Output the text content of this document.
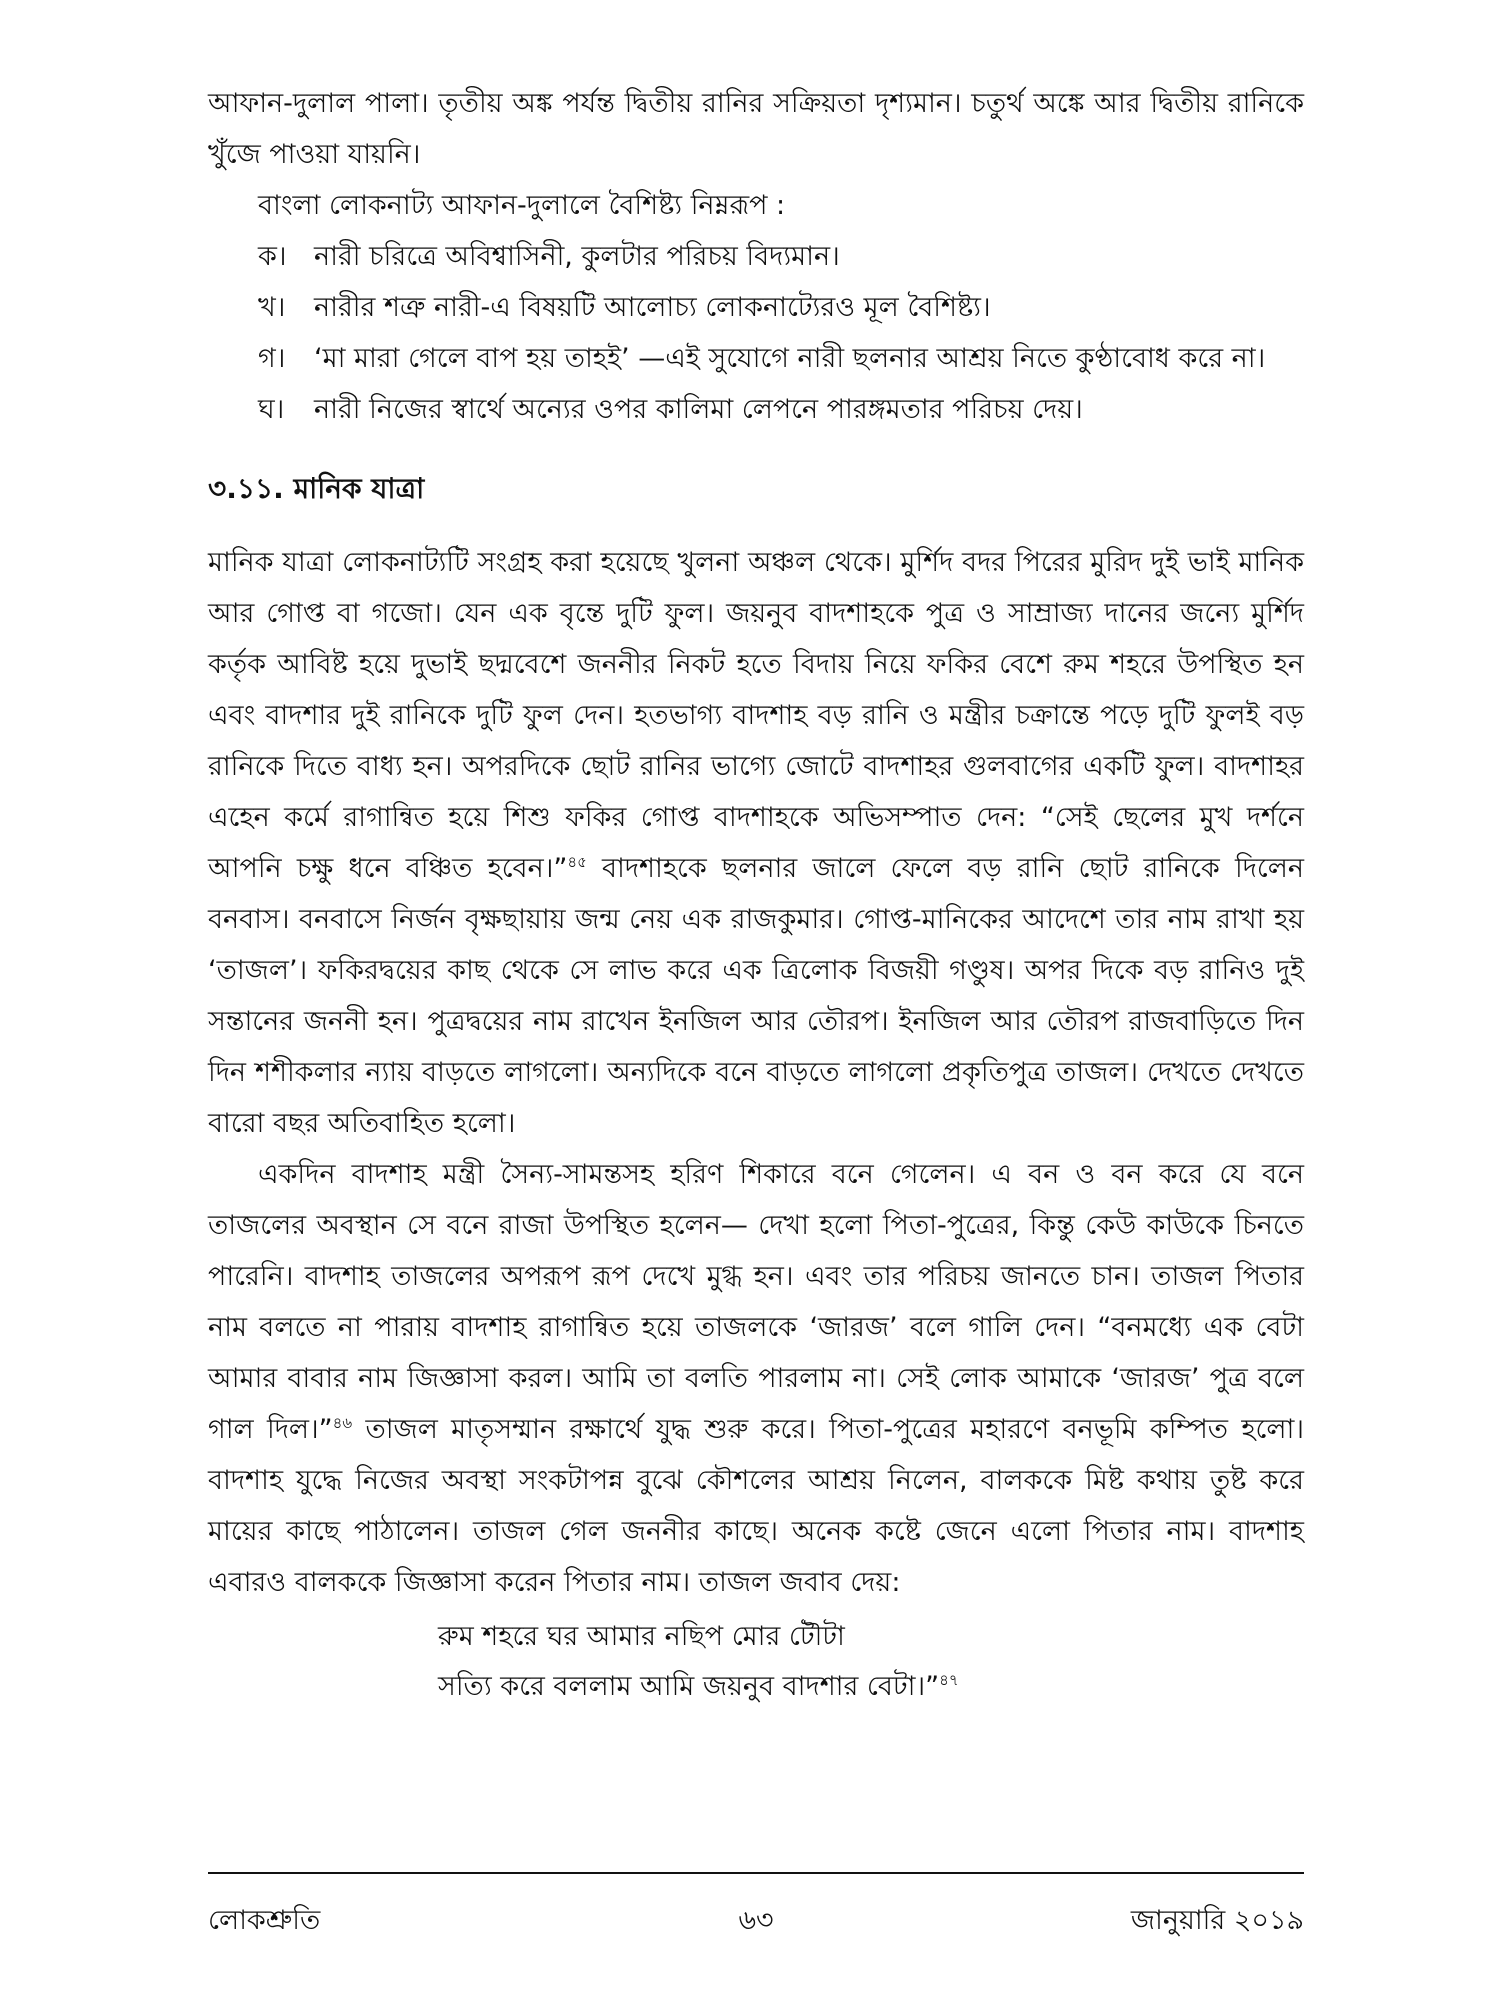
আফান-দুলাল পালা। তৃতীয় অঙ্ক পর্যন্ত দ্বিতীয় রানির সক্রিয়তা দৃশ্যমান। চতুর্থ অঙ্কে আর দ্বিতীয় রানিকে খুঁজে পাওয়া যায়নি।

বাংলা লোকনাট্য আফান-দুলালে বৈশিষ্ট্য নিম্নরূপ :

ক। নারী চরিত্রে অবিশ্বাসিনী, কুলটার পরিচয় বিদ্যমান।
খ। নারীর শত্রু নারী-এ বিষয়টি আলোচ্য লোকনাট্যেরও মূল বৈশিষ্ট্য।
গ। ‘মা মারা গেলে বাপ হয় তাহই’ —এই সুযোগে নারী ছলনার আশ্রয় নিতে কুণ্ঠাবোধ করে না।
ঘ। নারী নিজের স্বার্থে অন্যের ওপর কালিমা লেপনে পারঙ্গমতার পরিচয় দেয়।
৩.১১. মানিক যাত্রা

মানিক যাত্রা লোকনাট্যটি সংগ্রহ করা হয়েছে খুলনা অঞ্চল থেকে। মুর্শিদ বদর পিরের মুরিদ দুই ভাই মানিক আর গোপ্ত বা গজো। যেন এক বৃন্তে দুটি ফুল। জয়নুব বাদশাহকে পুত্র ও সাম্রাজ্য দানের জন্যে মুর্শিদ কর্তৃক আবিষ্ট হয়ে দুভাই ছদ্মবেশে জননীর নিকট হতে বিদায় নিয়ে ফকির বেশে রুম শহরে উপস্থিত হন এবং বাদশার দুই রানিকে দুটি ফুল দেন। হতভাগ্য বাদশাহ বড় রানি ও মন্ত্রীর চক্রান্তে পড়ে দুটি ফুলই বড় রানিকে দিতে বাধ্য হন। অপরদিকে ছোট রানির ভাগ্যে জোটে বাদশাহর গুলবাগের একটি ফুল। বাদশাহর এহেন কর্মে রাগান্বিত হয়ে শিশু ফকির গোপ্ত বাদশাহকে অভিসম্পাত দেন: “সেই ছেলের মুখ দর্শনে আপনি চক্ষু ধনে বঞ্চিত হবেন।”$^{৪৫}$ বাদশাহকে ছলনার জালে ফেলে বড় রানি ছোট রানিকে দিলেন বনবাস। বনবাসে নির্জন বৃক্ষছায়ায় জন্ম নেয় এক রাজকুমার। গোপ্ত-মানিকের আদেশে তার নাম রাখা হয় ‘তাজল’। ফকিরদ্বয়ের কাছ থেকে সে লাভ করে এক ত্রিলোক বিজয়ী গণ্ডুষ। অপর দিকে বড় রানিও দুই সন্তানের জননী হন। পুত্রদ্বয়ের নাম রাখেন ইনজিল আর তৌরপ। ইনজিল আর তৌরপ রাজবাড়িতে দিন দিন শশীকলার ন্যায় বাড়তে লাগলো। অন্যদিকে বনে বাড়তে লাগলো প্রকৃতিপুত্র তাজল। দেখতে দেখতে বারো বছর অতিবাহিত হলো।

একদিন বাদশাহ মন্ত্রী সৈন্য-সামন্তসহ হরিণ শিকারে বনে গেলেন। এ বন ও বন করে যে বনে তাজলের অবস্থান সে বনে রাজা উপস্থিত হলেন— দেখা হলো পিতা-পুত্রের, কিন্তু কেউ কাউকে চিনতে পারেনি। বাদশাহ তাজলের অপরূপ রূপ দেখে মুগ্ধ হন। এবং তার পরিচয় জানতে চান। তাজল পিতার নাম বলতে না পারায় বাদশাহ রাগান্বিত হয়ে তাজলকে ‘জারজ’ বলে গালি দেন। “বনমধ্যে এক বেটা আমার বাবার নাম জিজ্ঞাসা করল। আমি তা বলতি পারলাম না। সেই লোক আমাকে ‘জারজ’ পুত্র বলে গাল দিল।”$^{৪৬}$ তাজল মাতৃসম্মান রক্ষার্থে যুদ্ধ শুরু করে। পিতা-পুত্রের মহারণে বনভূমি কম্পিত হলো। বাদশাহ যুদ্ধে নিজের অবস্থা সংকটাপন্ন বুঝে কৌশলের আশ্রয় নিলেন, বালককে মিষ্ট কথায় তুষ্ট করে মায়ের কাছে পাঠালেন। তাজল গেল জননীর কাছে। অনেক কষ্টে জেনে এলো পিতার নাম। বাদশাহ এবারও বালককে জিজ্ঞাসা করেন পিতার নাম। তাজল জবাব দেয়:

রুম শহরে ঘর আমার নছিপ মোর টৌটা
সত্যি করে বললাম আমি জয়নুব বাদশার বেটা।”$^{৪৭}$
লোকশ্রুতি	৬৩	জানুয়ারি ২০১৯
